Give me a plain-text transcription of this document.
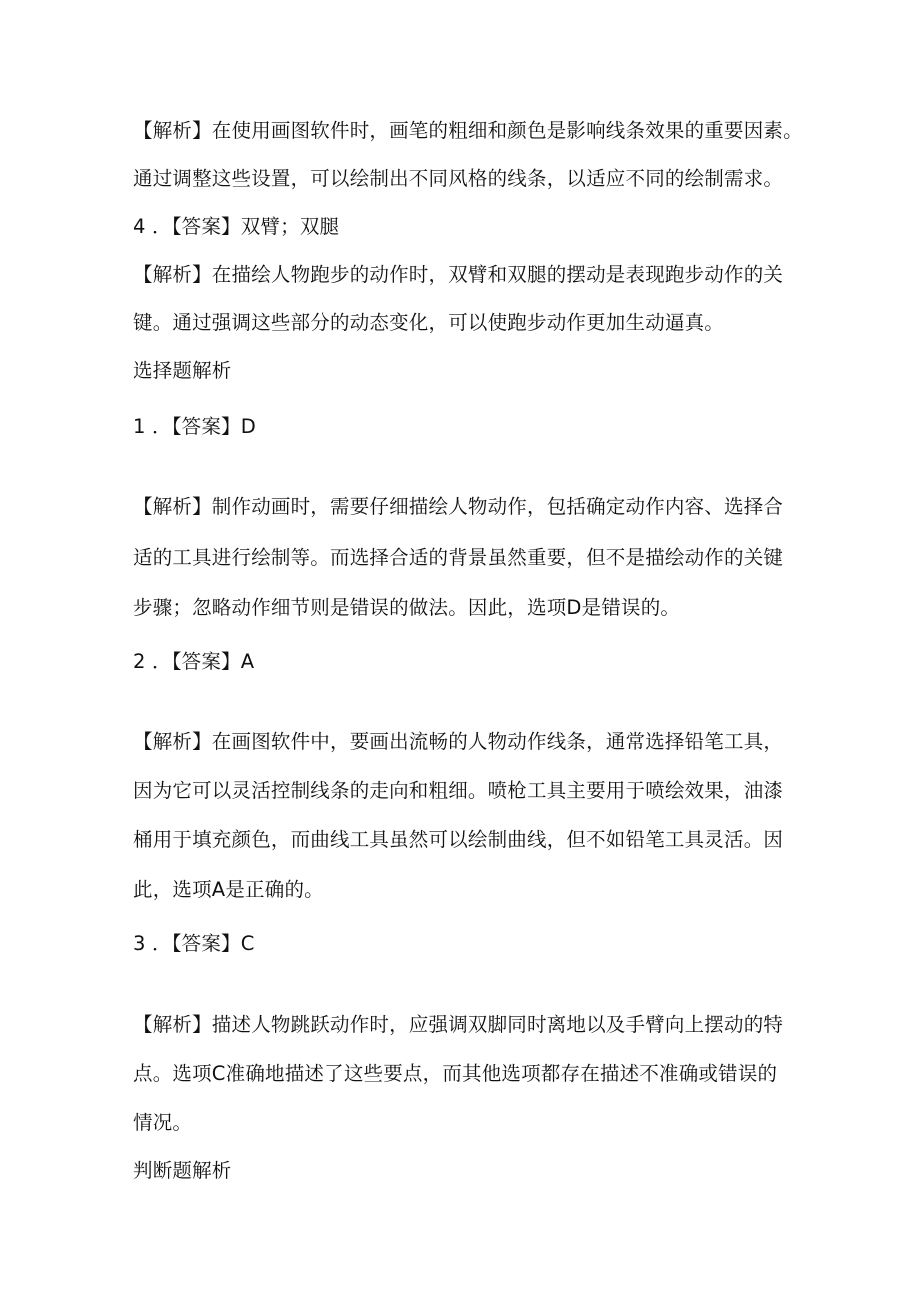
【解析】在使用画图软件时，画笔的粗细和颜色是影响线条效果的重要因素。
通过调整这些设置，可以绘制出不同风格的线条，以适应不同的绘制需求。
4 ．【答案】双臂；双腿
【解析】在描绘人物跑步的动作时，双臂和双腿的摆动是表现跑步动作的关
键。通过强调这些部分的动态变化，可以使跑步动作更加生动逼真。
选择题解析
1 ．【答案】D
【解析】制作动画时，需要仔细描绘人物动作，包括确定动作内容、选择合
适的工具进行绘制等。而选择合适的背景虽然重要，但不是描绘动作的关键
步骤；忽略动作细节则是错误的做法。因此，选项D是错误的。
2 ．【答案】A
【解析】在画图软件中，要画出流畅的人物动作线条，通常选择铅笔工具，
因为它可以灵活控制线条的走向和粗细。喷枪工具主要用于喷绘效果，油漆
桶用于填充颜色，而曲线工具虽然可以绘制曲线，但不如铅笔工具灵活。因
此，选项A是正确的。
3 ．【答案】C
【解析】描述人物跳跃动作时，应强调双脚同时离地以及手臂向上摆动的特
点。选项C准确地描述了这些要点，而其他选项都存在描述不准确或错误的
情况。
判断题解析
